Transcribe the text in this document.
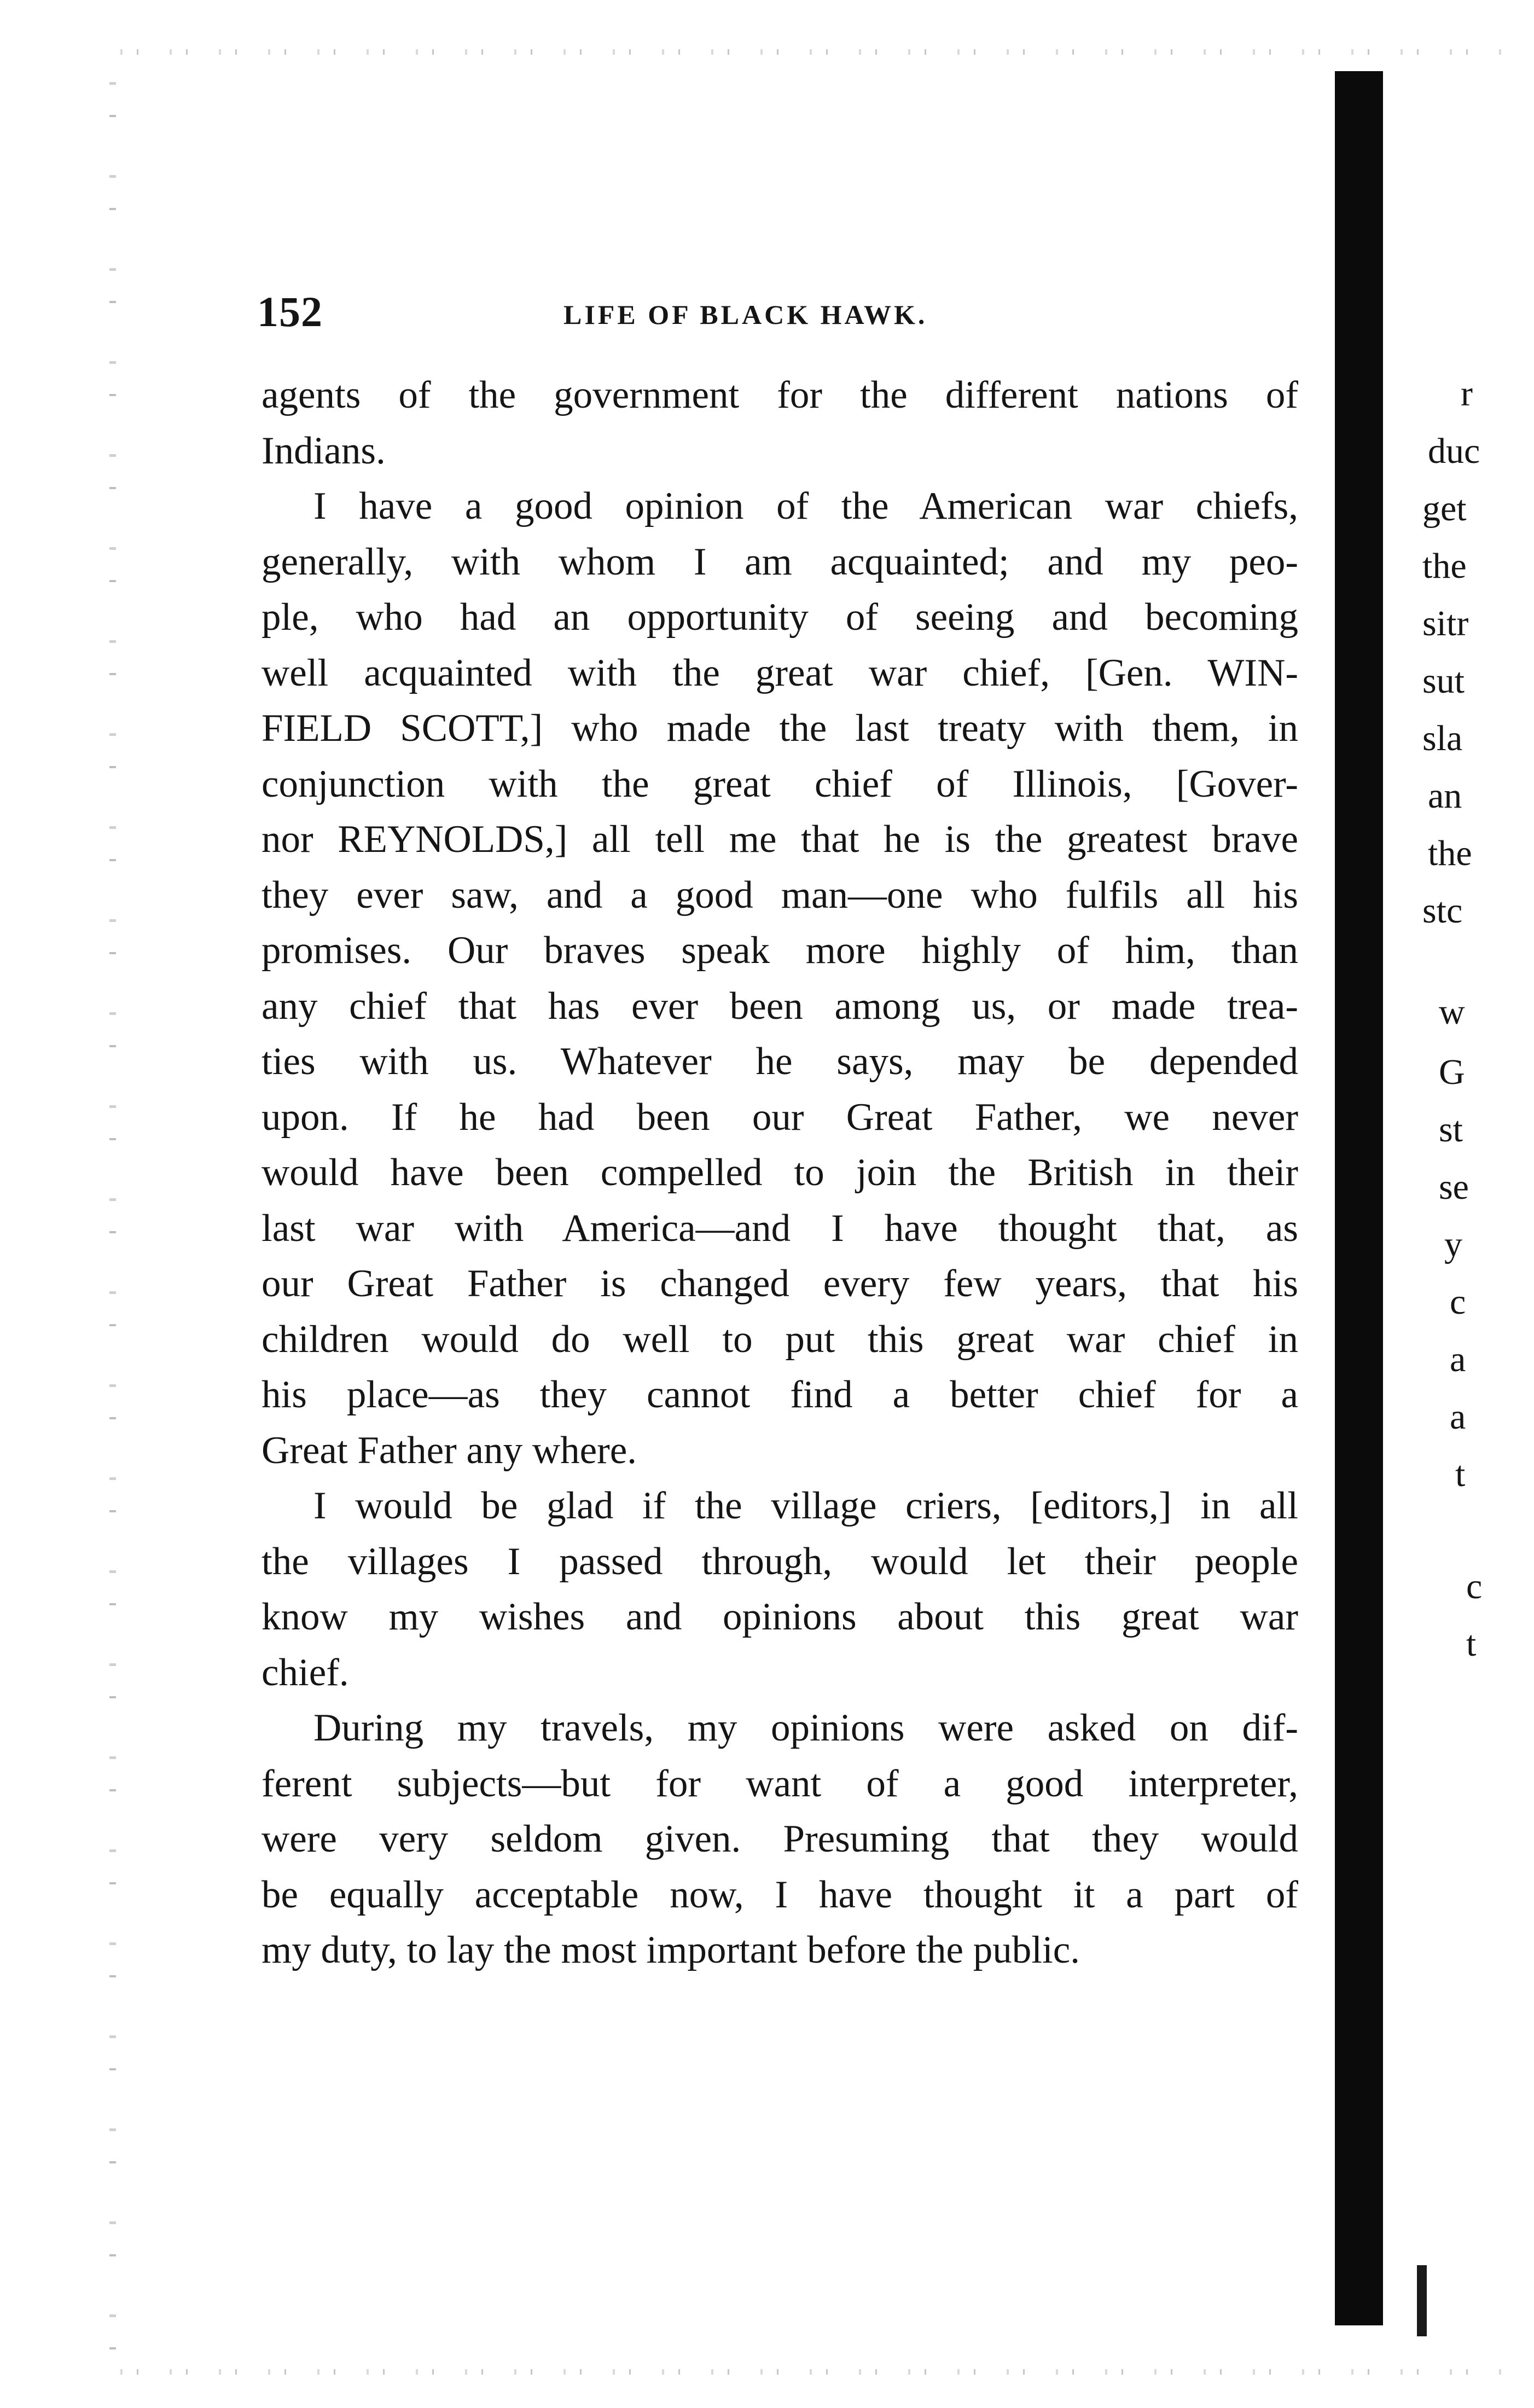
152	LIFE OF BLACK HAWK.
agents of the government for the different nations of
Indians.
I have a good opinion of the American war chiefs,
generally, with whom I am acquainted; and my peo-
ple, who had an opportunity of seeing and becoming
well acquainted with the great war chief, [Gen. WIN-
FIELD SCOTT,] who made the last treaty with them, in
conjunction with the great chief of Illinois, [Gover-
nor REYNOLDS,] all tell me that he is the greatest brave
they ever saw, and a good man—one who fulfils all his
promises. Our braves speak more highly of him, than
any chief that has ever been among us, or made trea-
ties with us. Whatever he says, may be depended
upon. If he had been our Great Father, we never
would have been compelled to join the British in their
last war with America—and I have thought that, as
our Great Father is changed every few years, that his
children would do well to put this great war chief in
his place—as they cannot find a better chief for a
Great Father any where.
I would be glad if the village criers, [editors,] in all
the villages I passed through, would let their people
know my wishes and opinions about this great war
chief.
During my travels, my opinions were asked on dif-
ferent subjects—but for want of a good interpreter,
were very seldom given. Presuming that they would
be equally acceptable now, I have thought it a part of
my duty, to lay the most important before the public.
r
duc
get
the
sitr
sut
sla
an
the
stc
w
G
st
se
y
c
a
a
t
c
t
